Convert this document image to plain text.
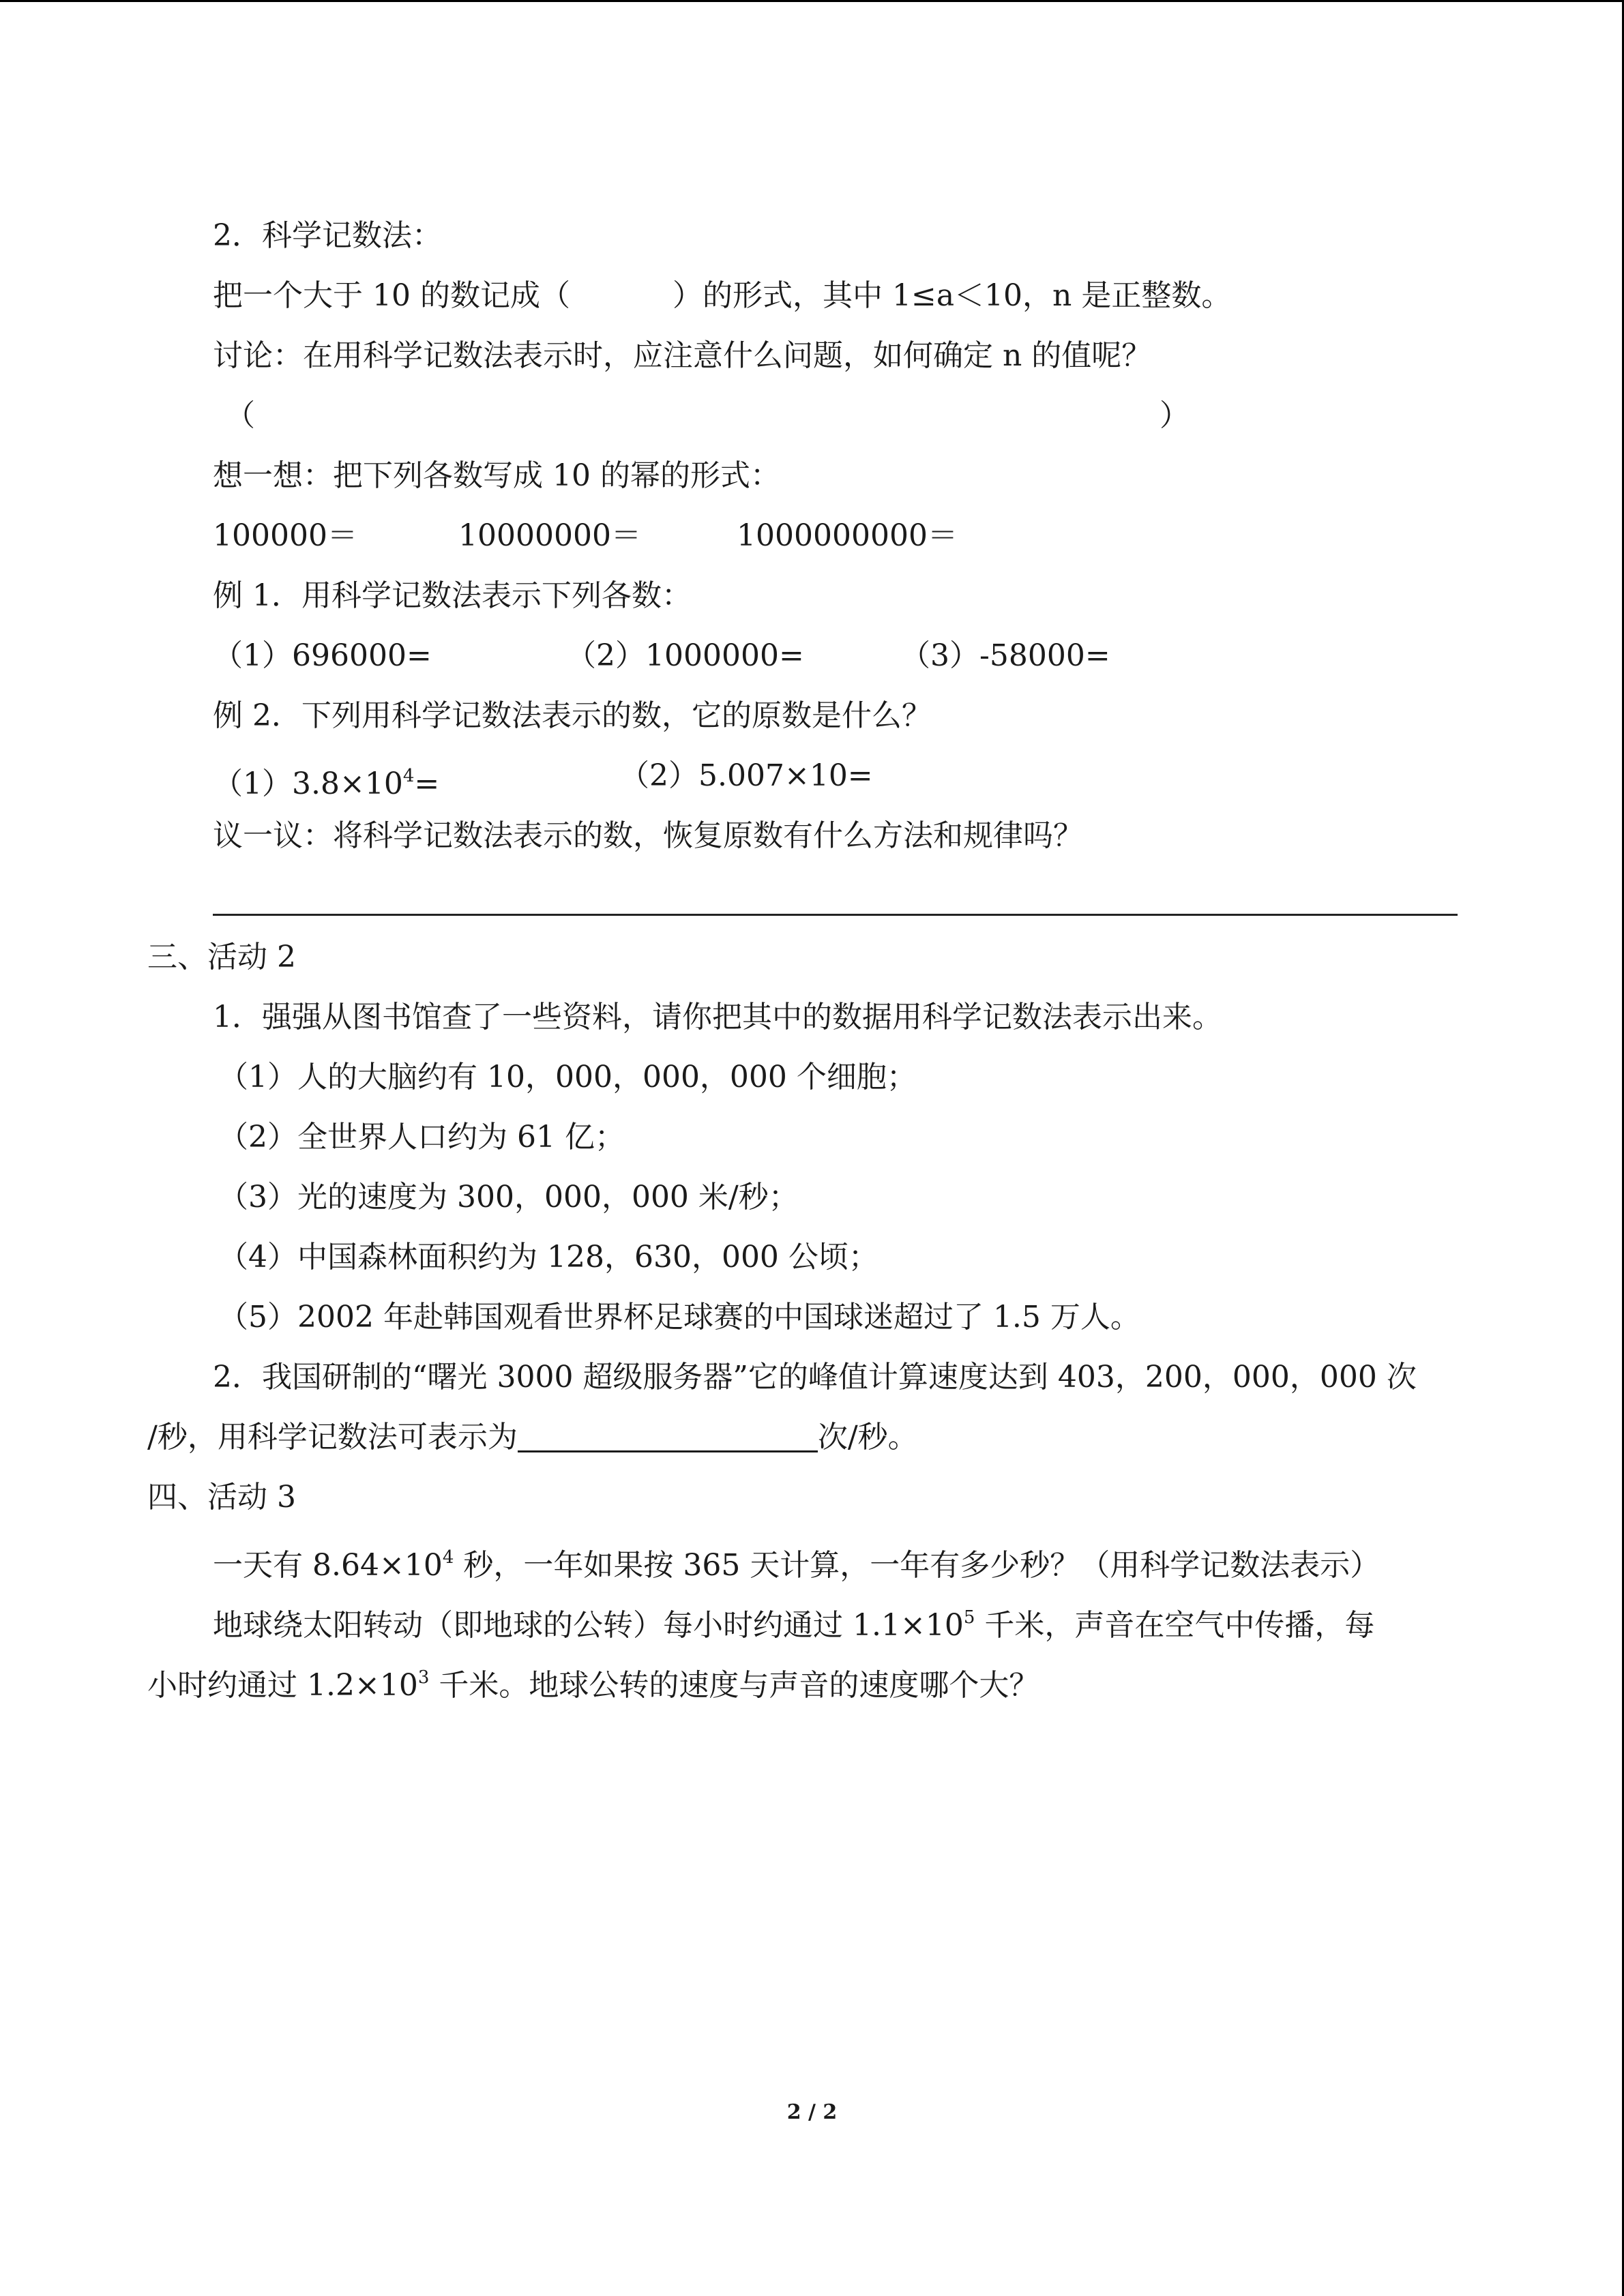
2．科学记数法：
把一个大于 10 的数记成（	）的形式，其中 1≤a＜10，n 是正整数。
讨论：在用科学记数法表示时，应注意什么问题，如何确定 n 的值呢？
（	）
想一想：把下列各数写成 10 的幂的形式：
100000＝	10000000＝	1000000000＝
例 1．用科学记数法表示下列各数：
（1）696000=	（2）1000000=	（3）-58000=
例 2．下列用科学记数法表示的数，它的原数是什么？
$(1)3.8\times 10^4=$	（2）5.007×10=
议一议：将科学记数法表示的数，恢复原数有什么方法和规律吗？
三、活动 2
1．强强从图书馆查了一些资料，请你把其中的数据用科学记数法表示出来。
（1）人的大脑约有 10，000，000，000 个细胞；
（2）全世界人口约为 61 亿；
（3）光的速度为 300，000，000 米/秒；
（4）中国森林面积约为 128，630，000 公顷；
（5）2002 年赴韩国观看世界杯足球赛的中国球迷超过了 1.5 万人。
2．我国研制的“曙光 3000 超级服务器”它的峰值计算速度达到 403，200，000，000 次
/秒，用科学记数法可表示为	次/秒。
四、活动 3
一天有 $8.64\times 10^4$ 秒，一年如果按 365 天计算，一年有多少秒？（用科学记数法表示）
地球绕太阳转动（即地球的公转）每小时约通过 $1.1\times 10^5$ 千米，声音在空气中传播，每
小时约通过 $1.2\times 10^3$ 千米。地球公转的速度与声音的速度哪个大？
2 / 2
